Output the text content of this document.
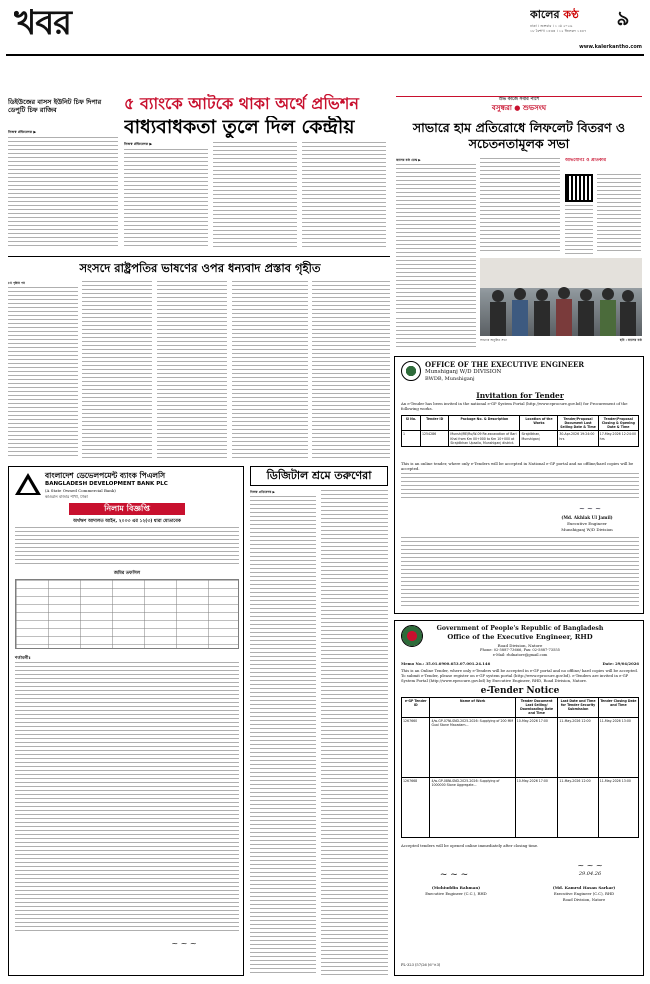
খবর	কালের কণ্ঠ	৯
ঢাকা । শুক্রবার । ১ মে ২০২৬
১৮ বৈশাখ ১৪৩৩ । ১২ জিলকদ ১৪৪৭
www.kalerkantho.com
ডিইউজের বাসস ইউনিট চিফ দিপার ডেপুটি চিফ রাজিব
নিজস্ব প্রতিবেদক ▶
৫ ব্যাংকে আটকে থাকা অর্থে প্রভিশন
বাধ্যবাধকতা তুলে দিল কেন্দ্রীয়
নিজস্ব প্রতিবেদক ▶
সংসদে রাষ্ট্রপতির ভাষণের ওপর ধন্যবাদ প্রস্তাব গৃহীত
৮ম পৃষ্ঠার পর
শুভ কাজে সবার পাশে
বসুন্ধরা ● শুভসংঘ
সাভারে হাম প্রতিরোধে লিফলেট বিতরণ ও সচেতনতামূলক সভা
কালের কণ্ঠ ডেস্ক ▶	অভিযোগঃ ও প্রতিকার
সাভারে অনুষ্ঠিত সভা	ছবি : কালের কণ্ঠ
OFFICE OF THE EXECUTIVE ENGINEER
Munshiganj W/D DIVISION
BWDB, Munshiganj
Invitation for Tender
An e-Tender has been invited in the national e-GP System Portal (http://www.eprocure.gov.bd) for Procurement of the following works.
Sl No.	Tender ID	Package No. & Description	Location of the Works	Tender/Proposal Document Last Selling Date & Time	Tender/Proposal Closing & Opening Date & Time
1	1254286	Munshi/RE/Ru/W-09 Re-excavation of Bari Khal from Km 00+000 to Km 10+000 at Sirajdikhan Upazila, Munshiganj district.	Sirajdikhan, Munshiganj	30-Apr-2026 19:24:00 hrs	17-May-2026 12:24:00 hrs
This is an online tender, where only e-Tenders will be accepted in National e-GP portal and no offline/hard copies will be accepted.
~ ~ ~
(Md. Akhlak Ul Jamil)
Executive Engineer
Munshiganj W/D Division
বাংলাদেশ ডেভেলপমেন্ট ব্যাংক পিএলসি
BANGLADESH DEVELOPMENT BANK PLC
(A State Owned Commercial Bank)
কাওরান বাজার শাখা, ঢাকা
নিলাম বিজ্ঞপ্তি
অর্থঋণ আদালত আইন, ২০০৩ এর ১২(৩) ধারা মোতাবেক
জমির তফসিল
শর্তাবলীঃ
~ ~ ~
ডিজিটাল শ্রমে তরুণেরা
নিজস্ব প্রতিবেদক ▶
Government of People's Republic of Bangladesh
Office of the Executive Engineer, RHD
Road Division, Natore
Phone: 02-5887-73666, Fax: 02-5887-73555
e-Mail: rhdnatore@gmail.com
Memo No.: 35.01.6900.653.07.001.24.146	Date: 29/04/2026
This is an Online Tender, where only e-Tenders will be accepted in e-GP portal and no offline/ hard copies will be accepted. To submit e-Tender, please register on e-GP system portal (http://www.eprocure.gov.bd). e-Tenders are invited in e-GP System Portal (http://www.eprocure.gov.bd) by Executive Engineer, RHD, Road Division, Natore.
e-Tender Notice
e-GP Tender ID	Name of Work	Tender Document Last Selling/ Downloading Date and Time	Last Date and Time for Tender Security Submission	Tender Closing Date and Time
1267660	4/w-GP-07NLSND-2025-2026: Supplying of 200 MM Gual Stone Macadam...	10-May-2026 17:00	11-May-2026 12:00	11-May-2026 13:00
1267668	4/w-GP-08NLSND-2025-2026: Supplying of 1000000 Stone Aggregate...	10-May-2026 17:00	11-May-2026 12:00	11-May-2026 13:00
Accepted tenders will be opened online immediately after closing time.
~ ~ ~
~ ~ ~
29.04.26
(Mohiuddin Rahman)
Executive Engineer (C.C.), RHD
(Md. Kamrul Hasan Sarkar)
Executive Engineer (C.C), RHD
Road Division, Natore
PL-323 (57/26 (6''×3)
